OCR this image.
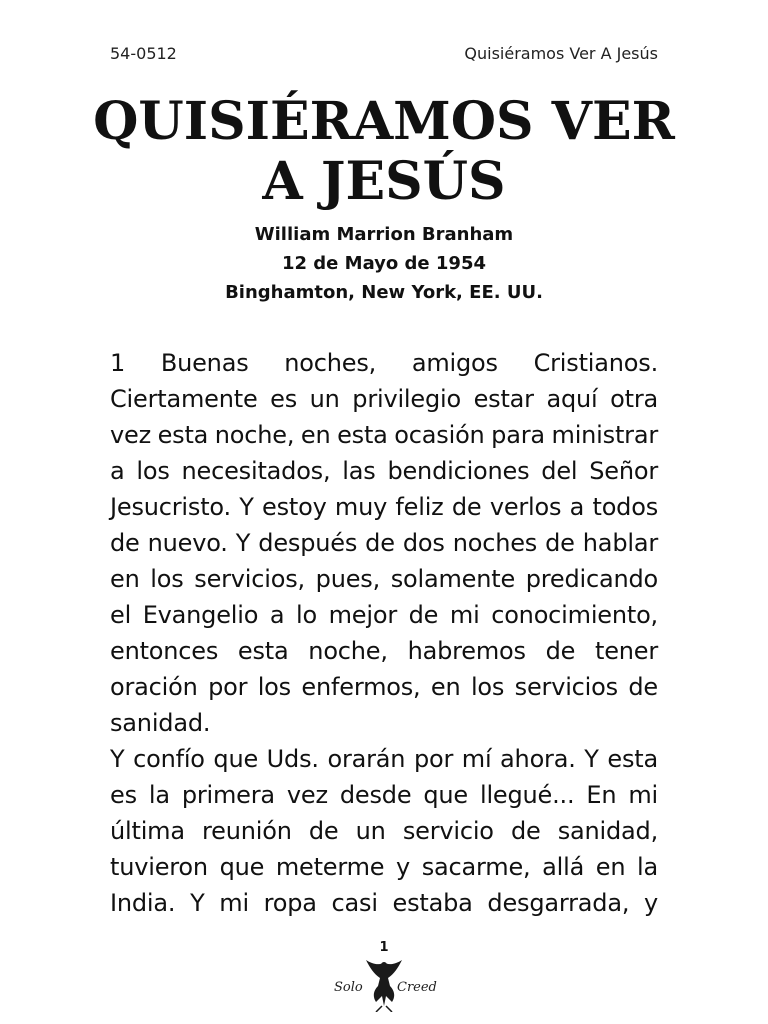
54-0512	Quisiéramos Ver A Jesús
QUISIÉRAMOS VER
A JESÚS
William Marrion Branham
12 de Mayo de 1954
Binghamton, New York, EE. UU.

1 Buenas noches, amigos Cristianos. Ciertamente es un privilegio estar aquí otra vez esta noche, en esta ocasión para ministrar a los necesitados, las bendiciones del Señor Jesucristo. Y estoy muy feliz de verlos a todos de nuevo. Y después de dos noches de hablar en los servicios, pues, solamente predicando el Evangelio a lo mejor de mi conocimiento, entonces esta noche, habremos de tener oración por los enfermos, en los servicios de sanidad.

Y confío que Uds. orarán por mí ahora. Y esta es la primera vez desde que llegué... En mi última reunión de un servicio de sanidad, tuvieron que meterme y sacarme, allá en la India. Y mi ropa casi estaba desgarrada, y

1
Solo	Creed
